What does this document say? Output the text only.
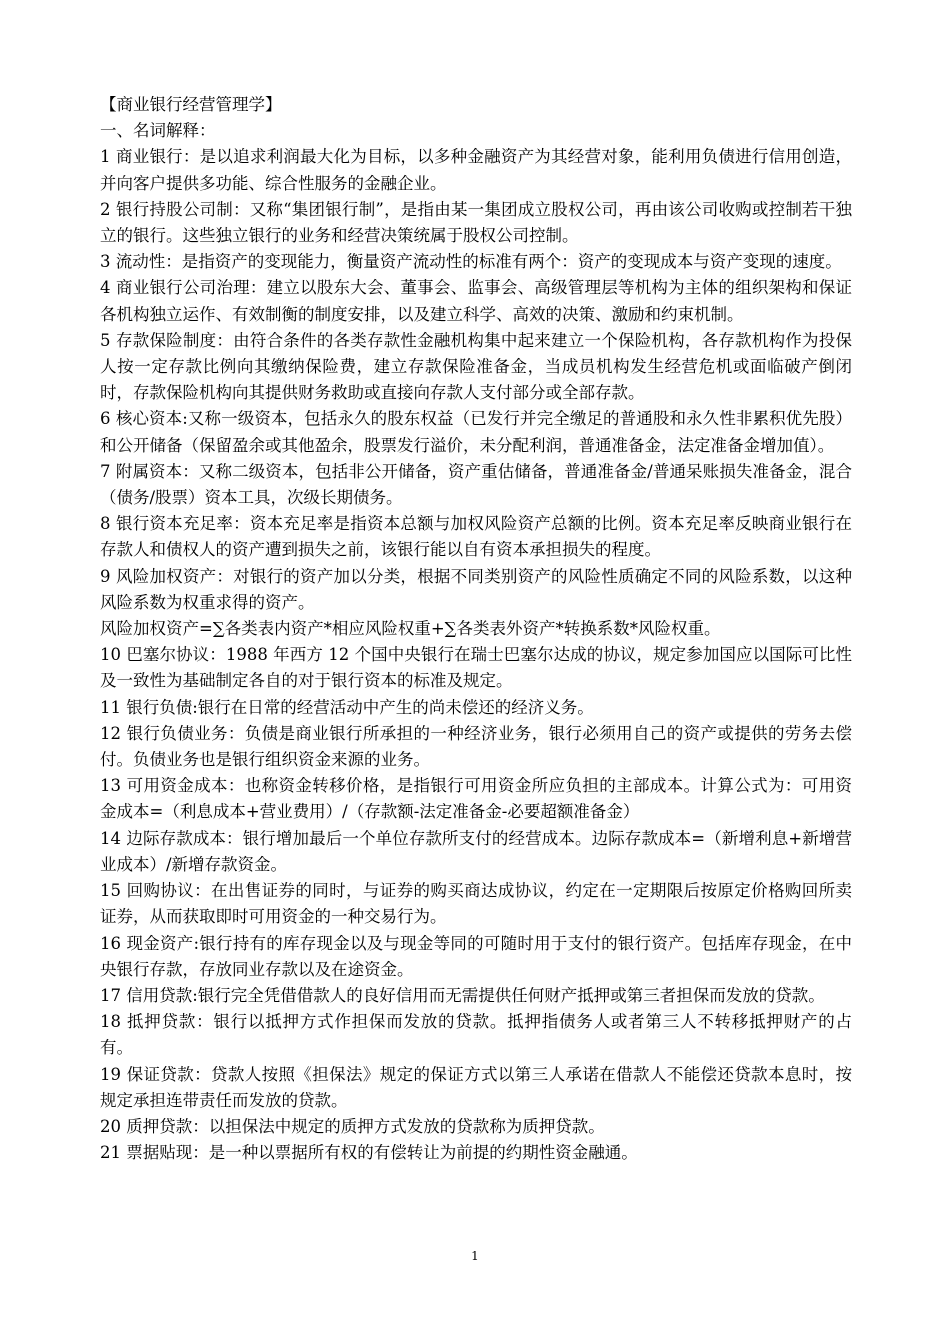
【商业银行经营管理学】

一、名词解释：

1 商业银行：是以追求利润最大化为目标，以多种金融资产为其经营对象，能利用负债进行信用创造，并向客户提供多功能、综合性服务的金融企业。

2 银行持股公司制：又称“集团银行制”，是指由某一集团成立股权公司，再由该公司收购或控制若干独立的银行。这些独立银行的业务和经营决策统属于股权公司控制。

3 流动性：是指资产的变现能力，衡量资产流动性的标准有两个：资产的变现成本与资产变现的速度。

4 商业银行公司治理：建立以股东大会、董事会、监事会、高级管理层等机构为主体的组织架构和保证各机构独立运作、有效制衡的制度安排，以及建立科学、高效的决策、激励和约束机制。

5 存款保险制度：由符合条件的各类存款性金融机构集中起来建立一个保险机构，各存款机构作为投保人按一定存款比例向其缴纳保险费，建立存款保险准备金，当成员机构发生经营危机或面临破产倒闭时，存款保险机构向其提供财务救助或直接向存款人支付部分或全部存款。

6 核心资本:又称一级资本，包括永久的股东权益（已发行并完全缴足的普通股和永久性非累积优先股）和公开储备（保留盈余或其他盈余，股票发行溢价，未分配利润，普通准备金，法定准备金增加值）。

7 附属资本：又称二级资本，包括非公开储备，资产重估储备，普通准备金/普通呆账损失准备金，混合（债务/股票）资本工具，次级长期债务。

8 银行资本充足率：资本充足率是指资本总额与加权风险资产总额的比例。资本充足率反映商业银行在存款人和债权人的资产遭到损失之前，该银行能以自有资本承担损失的程度。

9 风险加权资产：对银行的资产加以分类，根据不同类别资产的风险性质确定不同的风险系数，以这种风险系数为权重求得的资产。

风险加权资产=∑各类表内资产*相应风险权重+∑各类表外资产*转换系数*风险权重。

10 巴塞尔协议：1988 年西方 12 个国中央银行在瑞士巴塞尔达成的协议，规定参加国应以国际可比性及一致性为基础制定各自的对于银行资本的标准及规定。

11 银行负债:银行在日常的经营活动中产生的尚未偿还的经济义务。

12 银行负债业务：负债是商业银行所承担的一种经济业务，银行必须用自己的资产或提供的劳务去偿付。负债业务也是银行组织资金来源的业务。

13 可用资金成本：也称资金转移价格，是指银行可用资金所应负担的主部成本。计算公式为：可用资金成本=（利息成本+营业费用）/（存款额-法定准备金-必要超额准备金）

14 边际存款成本：银行增加最后一个单位存款所支付的经营成本。边际存款成本=（新增利息+新增营业成本）/新增存款资金。

15 回购协议：在出售证券的同时，与证券的购买商达成协议，约定在一定期限后按原定价格购回所卖证券，从而获取即时可用资金的一种交易行为。

16 现金资产:银行持有的库存现金以及与现金等同的可随时用于支付的银行资产。包括库存现金，在中央银行存款，存放同业存款以及在途资金。

17 信用贷款:银行完全凭借借款人的良好信用而无需提供任何财产抵押或第三者担保而发放的贷款。

18 抵押贷款：银行以抵押方式作担保而发放的贷款。抵押指债务人或者第三人不转移抵押财产的占有。

19 保证贷款：贷款人按照《担保法》规定的保证方式以第三人承诺在借款人不能偿还贷款本息时，按规定承担连带责任而发放的贷款。

20 质押贷款：以担保法中规定的质押方式发放的贷款称为质押贷款。

21 票据贴现：是一种以票据所有权的有偿转让为前提的约期性资金融通。

1
